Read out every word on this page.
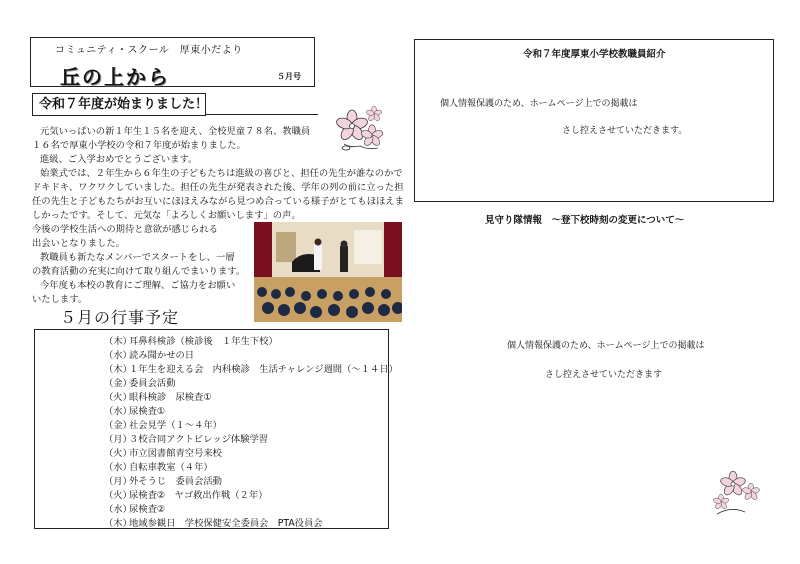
コミュニティ・スクール　厚東小だより
丘の上から	５月号
令和７年度が始まりました！
元気いっぱいの新１年生１５名を迎え、全校児童７８名、教職員
１６名で厚東小学校の令和７年度が始まりました。
進級、ご入学おめでとうございます。
始業式では、２年生から６年生の子どもたちは進級の喜びと、担任の先生が誰なのかで
ドキドキ、ワクワクしていました。担任の先生が発表された後、学年の列の前に立った担
任の先生と子どもたちがお互いにほほえみながら見つめ合っている様子がとてもほほえま
しかったです。そして、元気な「よろしくお願いします」の声。
今後の学校生活への期待と意欲が感じられる
出会いとなりました。
教職員も新たなメンバーでスタートをし、一層
の教育活動の充実に向けて取り組んでまいります。
今年度も本校の教育にご理解、ご協力をお願い
いたします。
５月の行事予定
（木）
耳鼻科検診（検診後　１年生下校）
（水）
読み聞かせの日
（木）
１年生を迎える会　内科検診　生活チャレンジ週間（～１４日）
（金）
委員会活動
（火）
眼科検診　尿検査①
（水）
尿検査①
（金）
社会見学（１～４年）
（月）
３校合同アクトビレッジ体験学習
（火）
市立図書館青空号来校
（水）
自転車教室（４年）
（月）
外そうじ　委員会活動
（火）
尿検査②　ヤゴ救出作戦（２年）
（水）
尿検査②
（木）
地域参観日　学校保健安全委員会　PTA役員会
令和７年度厚東小学校教職員紹介
個人情報保護のため、ホームページ上での掲載は
さし控えさせていただきます。
見守り隊情報　～登下校時刻の変更について～
個人情報保護のため、ホームページ上での掲載は
さし控えさせていただきます
